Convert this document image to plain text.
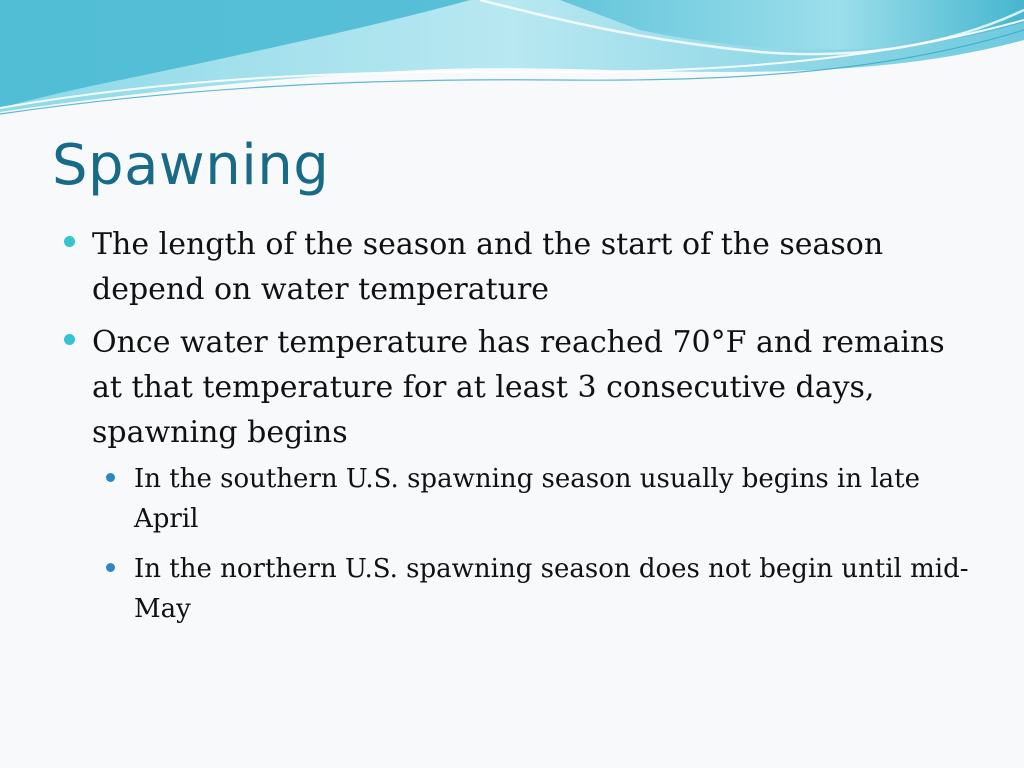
Spawning
The length of the season and the start of the season depend on water temperature
Once water temperature has reached 70°F and remains at that temperature for at least 3 consecutive days, spawning begins
In the southern U.S. spawning season usually begins in late April
In the northern U.S. spawning season does not begin until mid-May
